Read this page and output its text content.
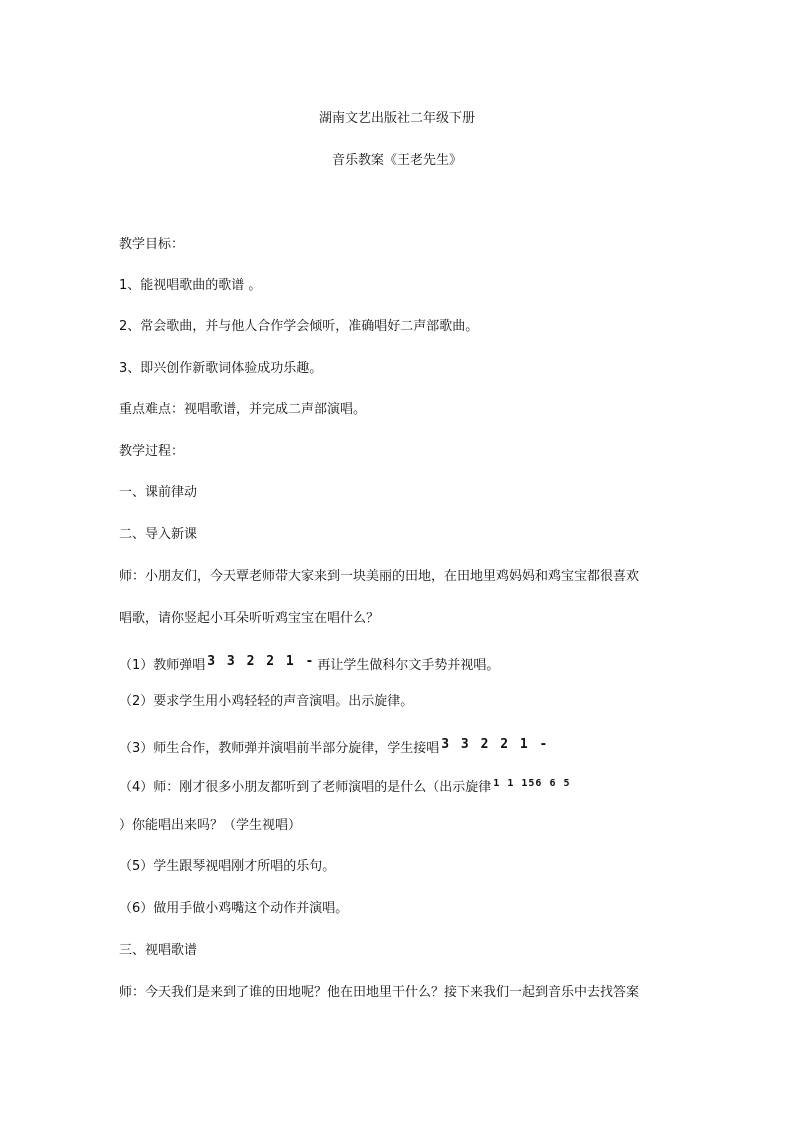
湖南文艺出版社二年级下册
音乐教案《王老先生》
教学目标：
1、能视唱歌曲的歌谱 。
2、常会歌曲，并与他人合作学会倾听，准确唱好二声部歌曲。
3、即兴创作新歌词体验成功乐趣。
重点难点：视唱歌谱，并完成二声部演唱。
教学过程：
一、课前律动
二、导入新课
师：小朋友们，今天覃老师带大家来到一块美丽的田地，在田地里鸡妈妈和鸡宝宝都很喜欢
唱歌，请你竖起小耳朵听听鸡宝宝在唱什么？
（1）教师弹唱 3 3 2 2 1 - 再让学生做科尔文手势并视唱。
（2）要求学生用小鸡轻轻的声音演唱。出示旋律。
（3）师生合作，教师弹并演唱前半部分旋律，学生接唱 3 3 2 2 1 -
（4）师：刚才很多小朋友都听到了老师演唱的是什么（出示旋律 1 1 156 6 5
）你能唱出来吗？（学生视唱）
（5）学生跟琴视唱刚才所唱的乐句。
（6）做用手做小鸡嘴这个动作并演唱。
三、视唱歌谱
师：今天我们是来到了谁的田地呢？他在田地里干什么？接下来我们一起到音乐中去找答案
